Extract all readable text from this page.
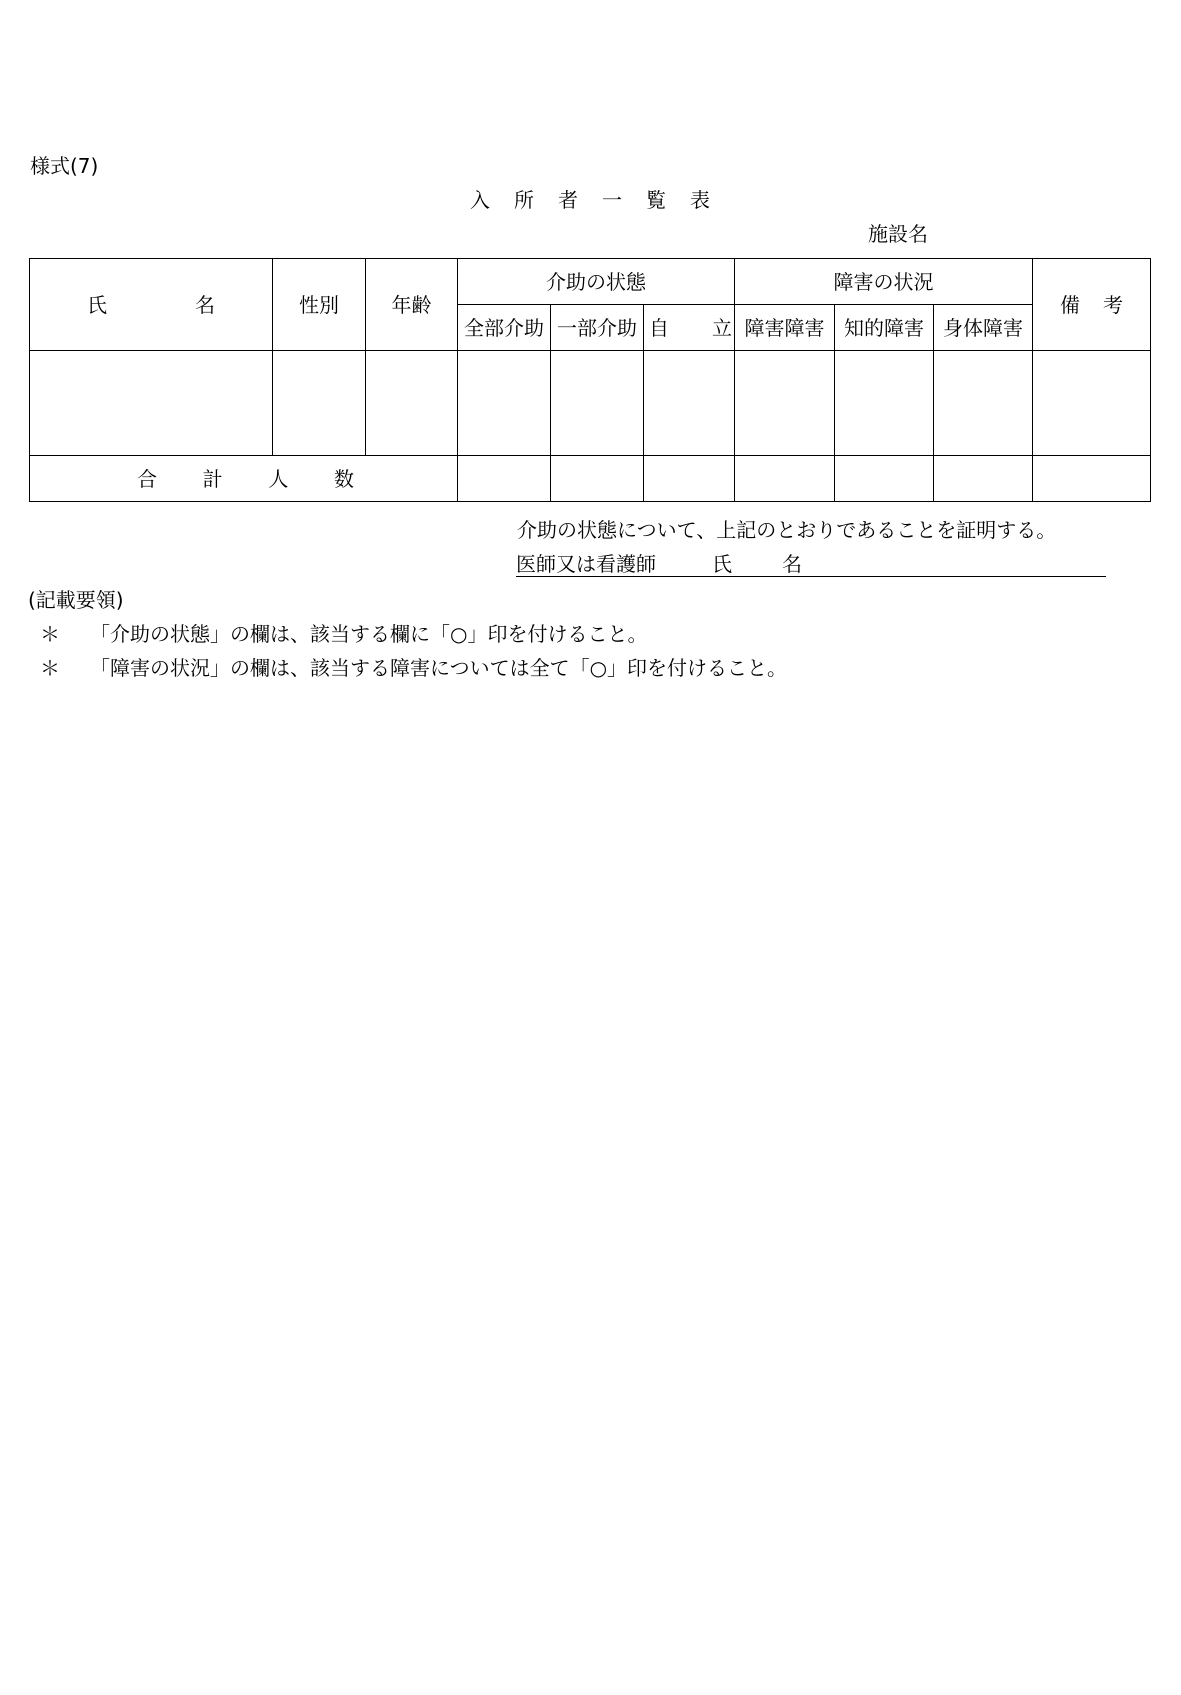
様式(7)
入所者一覧表
施設名
氏 名	性別	年齢	介助の状態			障害の状況			備 考

			全部介助	一部介助	自 立	障害障害	知的障害	身体障害	

合 計 人 数									

介助の状態について、上記のとおりであることを証明する。
医師又は看護師	氏	名
(記載要領)
＊ 「介助の状態」の欄は、該当する欄に「○」印を付けること。
＊ 「障害の状況」の欄は、該当する障害については全て「○」印を付けること。
